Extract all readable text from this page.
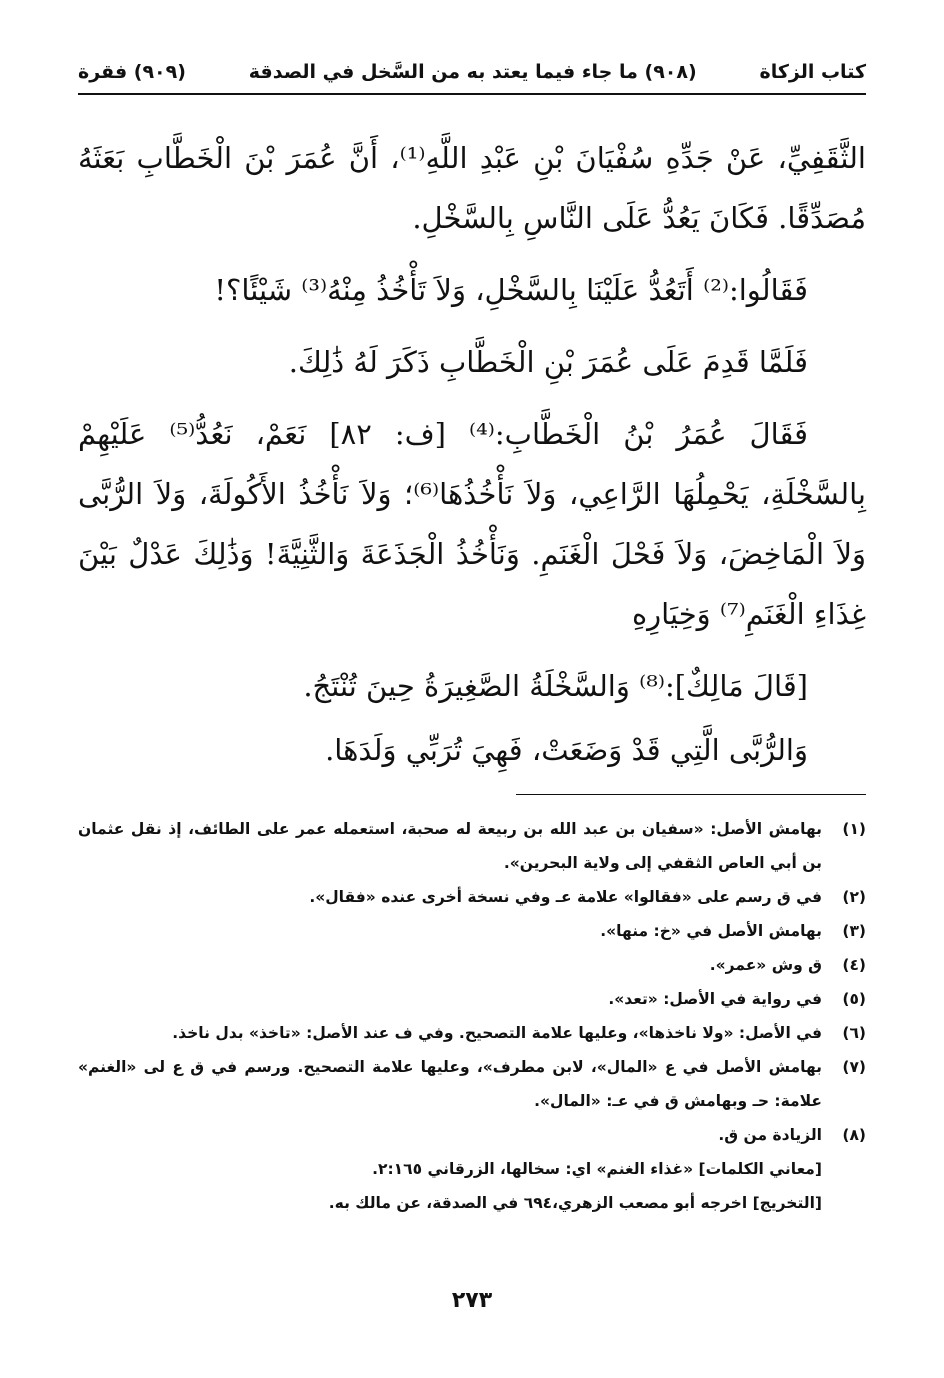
كتاب الزكاة
(٩٠٨) ما جاء فيما يعتد به من السَّخل في الصدقة
(٩٠٩) فقرة

الثَّقَفِيِّ، عَنْ جَدِّهِ سُفْيَانَ بْنِ عَبْدِ اللَّهِ⁽¹⁾، أَنَّ عُمَرَ بْنَ الْخَطَّابِ بَعَثَهُ مُصَدِّقًا. فَكَانَ يَعُدُّ عَلَى النَّاسِ بِالسَّخْلِ.

فَقَالُوا:⁽²⁾ أَتَعُدُّ عَلَيْنَا بِالسَّخْلِ، وَلاَ تَأْخُذُ مِنْهُ⁽³⁾ شَيْئًا؟!

فَلَمَّا قَدِمَ عَلَى عُمَرَ بْنِ الْخَطَّابِ ذَكَرَ لَهُ ذَٰلِكَ.

فَقَالَ عُمَرُ بْنُ الْخَطَّابِ:⁽⁴⁾ [ف: ٨٢] نَعَمْ، نَعُدُّ⁽⁵⁾ عَلَيْهِمْ بِالسَّخْلَةِ، يَحْمِلُهَا الرَّاعِي، وَلاَ نَأْخُذُهَا⁽⁶⁾؛ وَلاَ نَأْخُذُ الأَكُولَةَ، وَلاَ الرُّبَّى وَلاَ الْمَاخِضَ، وَلاَ فَحْلَ الْغَنَمِ. وَنَأْخُذُ الْجَذَعَةَ وَالثَّنِيَّةَ! وَذَٰلِكَ عَدْلٌ بَيْنَ غِذَاءِ الْغَنَمِ⁽⁷⁾ وَخِيَارِهِ

[قَالَ مَالِكٌ]:⁽⁸⁾ وَالسَّخْلَةُ الصَّغِيرَةُ حِينَ تُنْتَجُ.

وَالرُّبَّى الَّتِي قَدْ وَضَعَتْ، فَهِيَ تُرَبِّي وَلَدَهَا.

(١)
بهامش الأصل: «سفيان بن عبد الله بن ربيعة له صحبة، استعمله عمر على الطائف، إذ نقل عثمان بن أبي العاص الثقفي إلى ولاية البحرين».
(٢)
في ق رسم على «فقالوا» علامة عـ وفي نسخة أخرى عنده «فقال».
(٣)
بهامش الأصل في «خ: منها».
(٤)
ق وش «عمر».
(٥)
في رواية في الأصل: «تعد».
(٦)
في الأصل: «ولا ناخذها»، وعليها علامة التصحيح. وفي ف عند الأصل: «تاخذ» بدل ناخذ.
(٧)
بهامش الأصل في ع «المال»، لابن مطرف»، وعليها علامة التصحيح. ورسم في ق ع لى «الغنم» علامة: حـ وبهامش ق في عـ: «المال».
(٨)
الزيادة من ق.
[معاني الكلمات] «غذاء الغنم» اي: سخالها، الزرقاني ٢:١٦٥.
[التخريج] اخرجه أبو مصعب الزهري،٦٩٤ في الصدقة، عن مالك به.
٢٧٣
